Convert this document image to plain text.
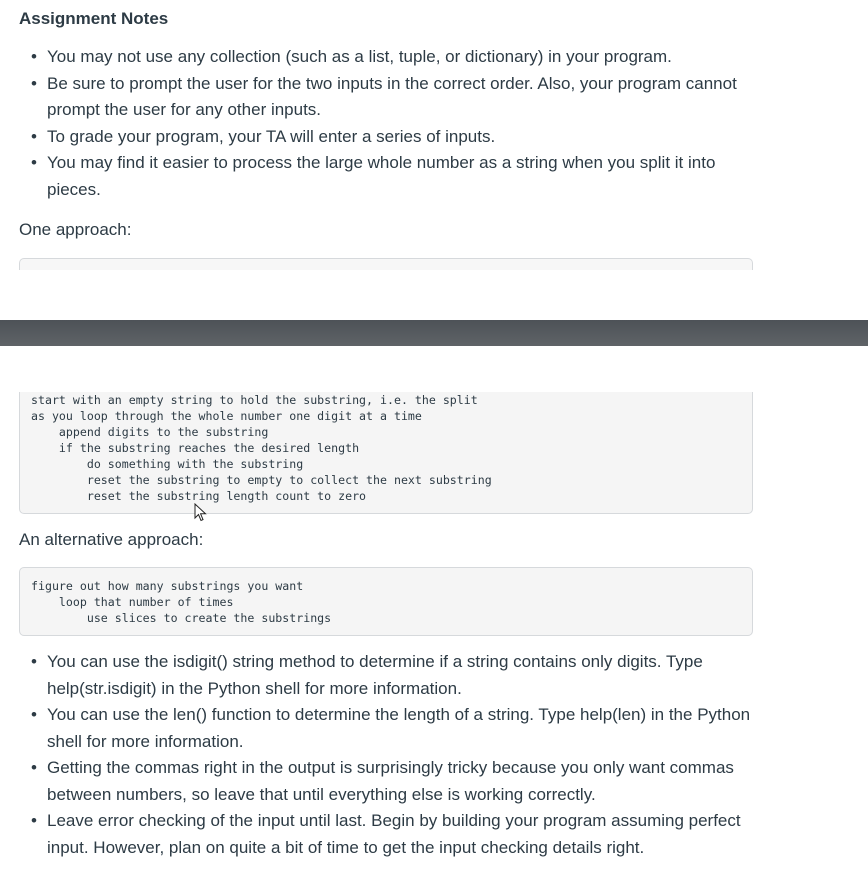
Assignment Notes
• You may not use any collection (such as a list, tuple, or dictionary) in your program.
• Be sure to prompt the user for the two inputs in the correct order. Also, your program cannot prompt the user for any other inputs.
• To grade your program, your TA will enter a series of inputs.
• You may find it easier to process the large whole number as a string when you split it into pieces.
One approach:
start with an empty string to hold the substring, i.e. the split
as you loop through the whole number one digit at a time
append digits to the substring
if the substring reaches the desired length
do something with the substring
reset the substring to empty to collect the next substring
reset the substring length count to zero
An alternative approach:
figure out how many substrings you want
loop that number of times
use slices to create the substrings
• You can use the isdigit() string method to determine if a string contains only digits. Type help(str.isdigit) in the Python shell for more information.
• You can use the len() function to determine the length of a string. Type help(len) in the Python shell for more information.
• Getting the commas right in the output is surprisingly tricky because you only want commas between numbers, so leave that until everything else is working correctly.
• Leave error checking of the input until last. Begin by building your program assuming perfect input. However, plan on quite a bit of time to get the input checking details right.
